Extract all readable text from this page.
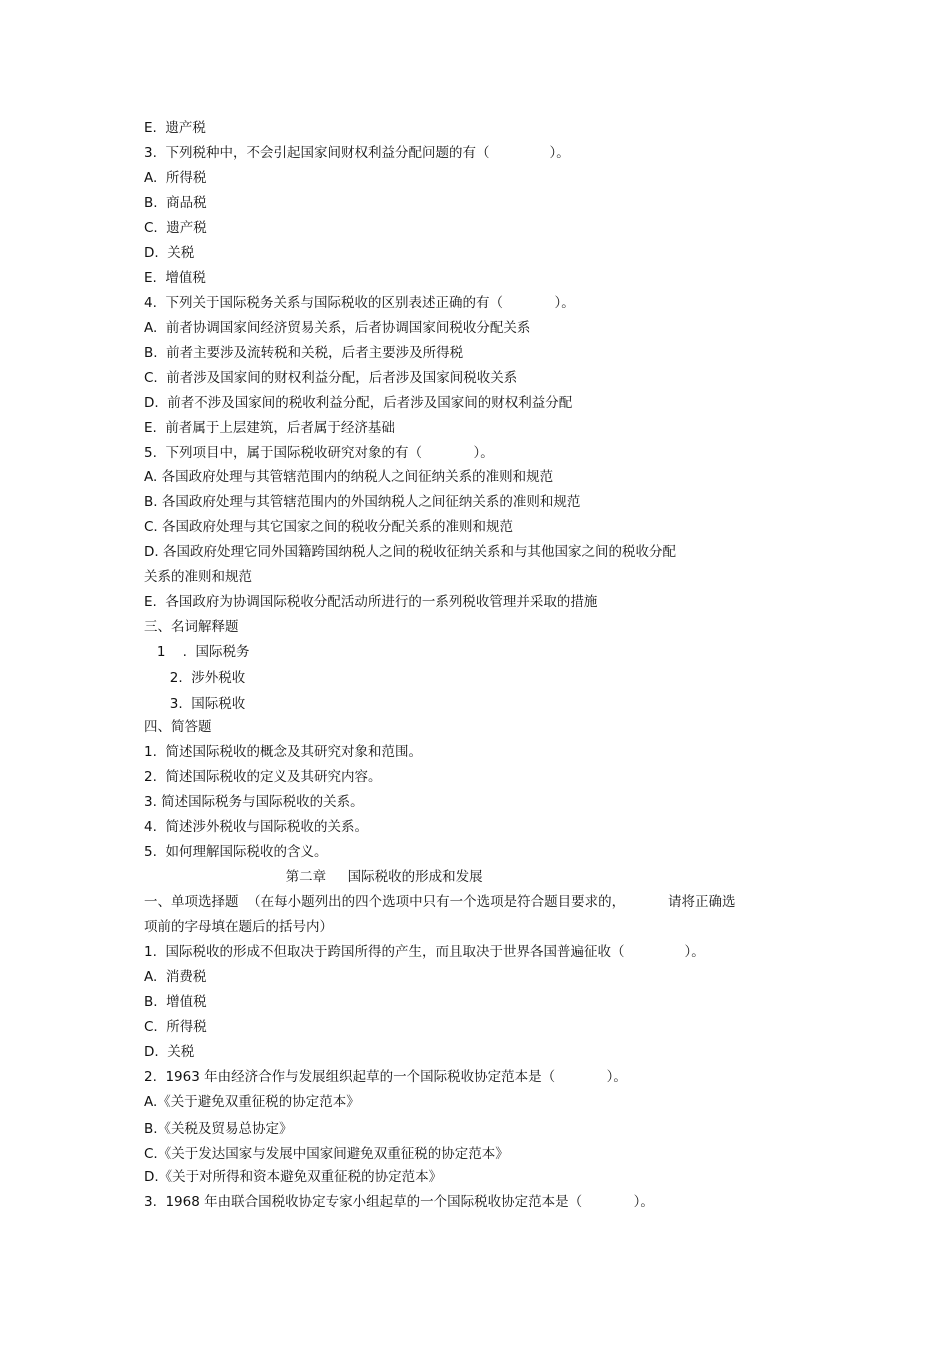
E.  遗产税
3.  下列税种中，不会引起国家间财权利益分配问题的有（              ）。
A.  所得税
B.  商品税
C.  遗产税
D.  关税
E.  增值税
4.  下列关于国际税务关系与国际税收的区别表述正确的有（            ）。
A.  前者协调国家间经济贸易关系，后者协调国家间税收分配关系
B.  前者主要涉及流转税和关税，后者主要涉及所得税
C.  前者涉及国家间的财权利益分配，后者涉及国家间税收关系
D.  前者不涉及国家间的税收利益分配，后者涉及国家间的财权利益分配
E.  前者属于上层建筑，后者属于经济基础
5.  下列项目中，属于国际税收研究对象的有（            ）。
A. 各国政府处理与其管辖范围内的纳税人之间征纳关系的准则和规范
B. 各国政府处理与其管辖范围内的外国纳税人之间征纳关系的准则和规范
C. 各国政府处理与其它国家之间的税收分配关系的准则和规范
D. 各国政府处理它同外国籍跨国纳税人之间的税收征纳关系和与其他国家之间的税收分配
关系的准则和规范
E.  各国政府为协调国际税收分配活动所进行的一系列税收管理并采取的措施
三、名词解释题
1    .  国际税务
2.  涉外税收
3.  国际税收
四、简答题
1.  简述国际税收的概念及其研究对象和范围。
2.  简述国际税收的定义及其研究内容。
3. 简述国际税务与国际税收的关系。
4.  简述涉外税收与国际税收的关系。
5.  如何理解国际税收的含义。
第二章     国际税收的形成和发展
一、单项选择题  （在每小题列出的四个选项中只有一个选项是符合题目要求的，          请将正确选
项前的字母填在题后的括号内）
1.  国际税收的形成不但取决于跨国所得的产生，而且取决于世界各国普遍征收（              ）。
A.  消费税
B.  增值税
C.  所得税
D.  关税
2.  1963 年由经济合作与发展组织起草的一个国际税收协定范本是（            ）。
A.《关于避免双重征税的协定范本》
B.《关税及贸易总协定》
C.《关于发达国家与发展中国家间避免双重征税的协定范本》
D.《关于对所得和资本避免双重征税的协定范本》
3.  1968 年由联合国税收协定专家小组起草的一个国际税收协定范本是（            ）。
